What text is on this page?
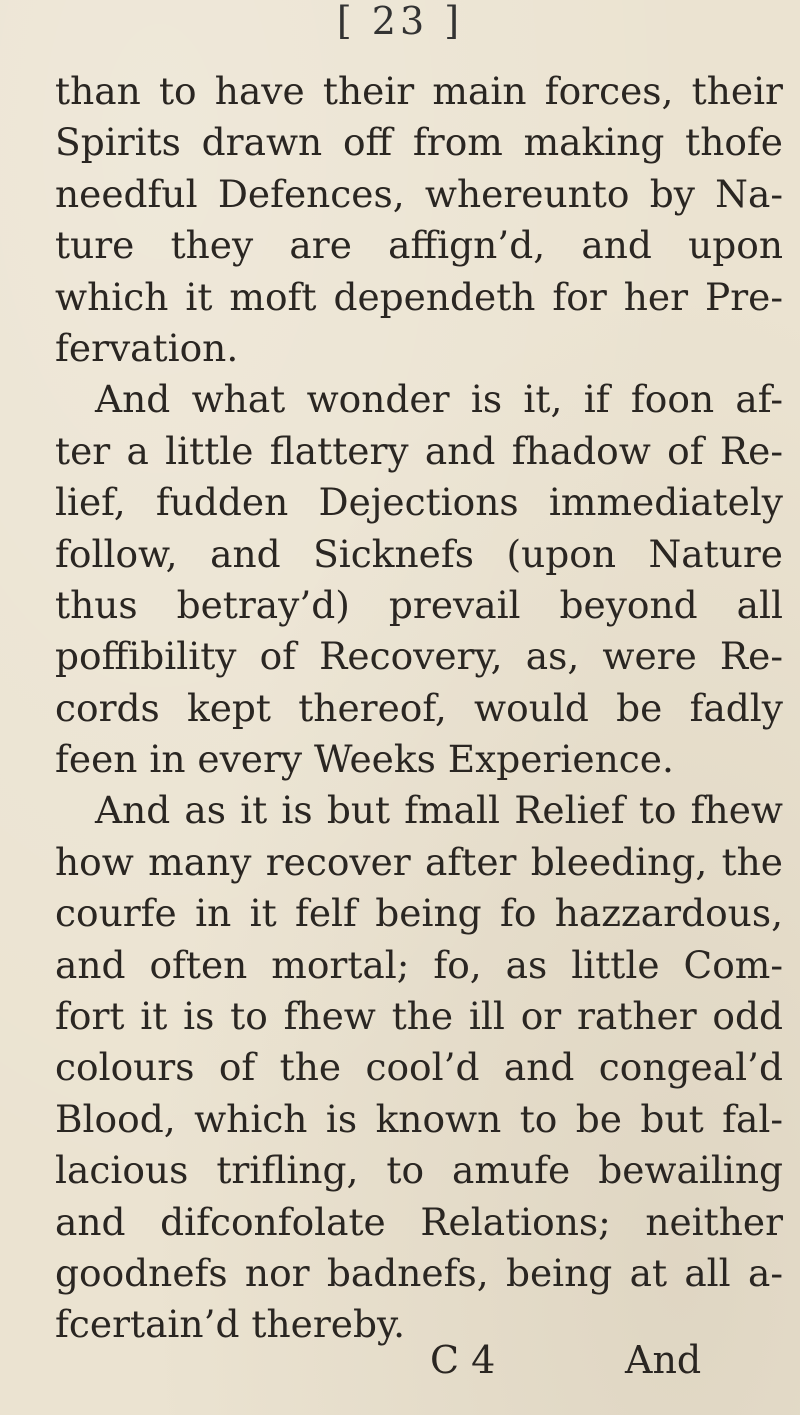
[ 23 ]
than to have their main forces, their
Spirits drawn off from making thofe
needful Defences, whereunto by Na-
ture they are affign’d, and upon
which it moft dependeth for her Pre-
fervation.
And what wonder is it, if foon af-
ter a little flattery and fhadow of Re-
lief, fudden Dejections immediately
follow, and Sicknefs (upon Nature
thus betray’d) prevail beyond all
poffibility of Recovery, as, were Re-
cords kept thereof, would be fadly
feen in every Weeks Experience.
And as it is but fmall Relief to fhew
how many recover after bleeding, the
courfe in it felf being fo hazzardous,
and often mortal; fo, as little Com-
fort it is to fhew the ill or rather odd
colours of the cool’d and congeal’d
Blood, which is known to be but fal-
lacious trifling, to amufe bewailing
and difconfolate Relations; neither
goodnefs nor badnefs, being at all a-
fcertain’d thereby.
C 4	And
